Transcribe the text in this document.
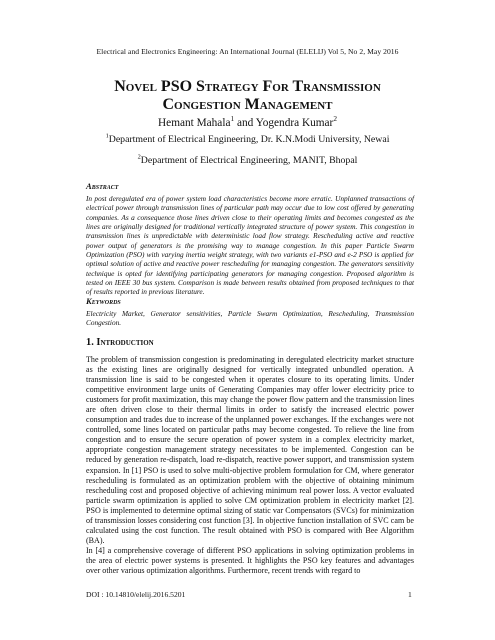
Electrical and Electronics Engineering: An International Journal (ELELIJ) Vol 5, No 2, May 2016
Novel PSO Strategy For Transmission
Congestion Management
Hemant Mahala$^1$ and Yogendra Kumar$^2$
$^1$Department of Electrical Engineering, Dr. K.N.Modi University, Newai
$^2$Department of Electrical Engineering, MANIT, Bhopal
Abstract
In post deregulated era of power system load characteristics become more erratic. Unplanned transactions of electrical power through transmission lines of particular path may occur due to low cost offered by generating companies. As a consequence those lines driven close to their operating limits and becomes congested as the lines are originally designed for traditional vertically integrated structure of power system. This congestion in transmission lines is unpredictable with deterministic load flow strategy. Rescheduling active and reactive power output of generators is the promising way to manage congestion. In this paper Particle Swarm Optimization (PSO) with varying inertia weight strategy, with two variants e1-PSO and e-2 PSO is applied for optimal solution of active and reactive power rescheduling for managing congestion. The generators sensitivity technique is opted for identifying participating generators for managing congestion. Proposed algorithm is tested on IEEE 30 bus system. Comparison is made between results obtained from proposed techniques to that of results reported in previous literature.
Keywords
Electricity Market, Generator sensitivities, Particle Swarm Optimization, Rescheduling, Transmission Congestion.
1. Introduction
The problem of transmission congestion is predominating in deregulated electricity market structure as the existing lines are originally designed for vertically integrated unbundled operation. A transmission line is said to be congested when it operates closure to its operating limits. Under competitive environment large units of Generating Companies may offer lower electricity price to customers for profit maximization, this may change the power flow pattern and the transmission lines are often driven close to their thermal limits in order to satisfy the increased electric power consumption and trades due to increase of the unplanned power exchanges. If the exchanges were not controlled, some lines located on particular paths may become congested. To relieve the line from congestion and to ensure the secure operation of power system in a complex electricity market, appropriate congestion management strategy necessitates to be implemented. Congestion can be reduced by generation re-dispatch, load re-dispatch, reactive power support, and transmission system expansion. In [1] PSO is used to solve multi-objective problem formulation for CM, where generator rescheduling is formulated as an optimization problem with the objective of obtaining minimum rescheduling cost and proposed objective of achieving minimum real power loss. A vector evaluated particle swarm optimization is applied to solve CM optimization problem in electricity market [2]. PSO is implemented to determine optimal sizing of static var Compensators (SVCs) for minimization of transmission losses considering cost function [3]. In objective function installation of SVC cam be calculated using the cost function. The result obtained with PSO is compared with Bee Algorithm (BA).
In [4] a comprehensive coverage of different PSO applications in solving optimization problems in the area of electric power systems is presented. It highlights the PSO key features and advantages over other various optimization algorithms. Furthermore, recent trends with regard to
DOI : 10.14810/elelij.2016.5201	1
